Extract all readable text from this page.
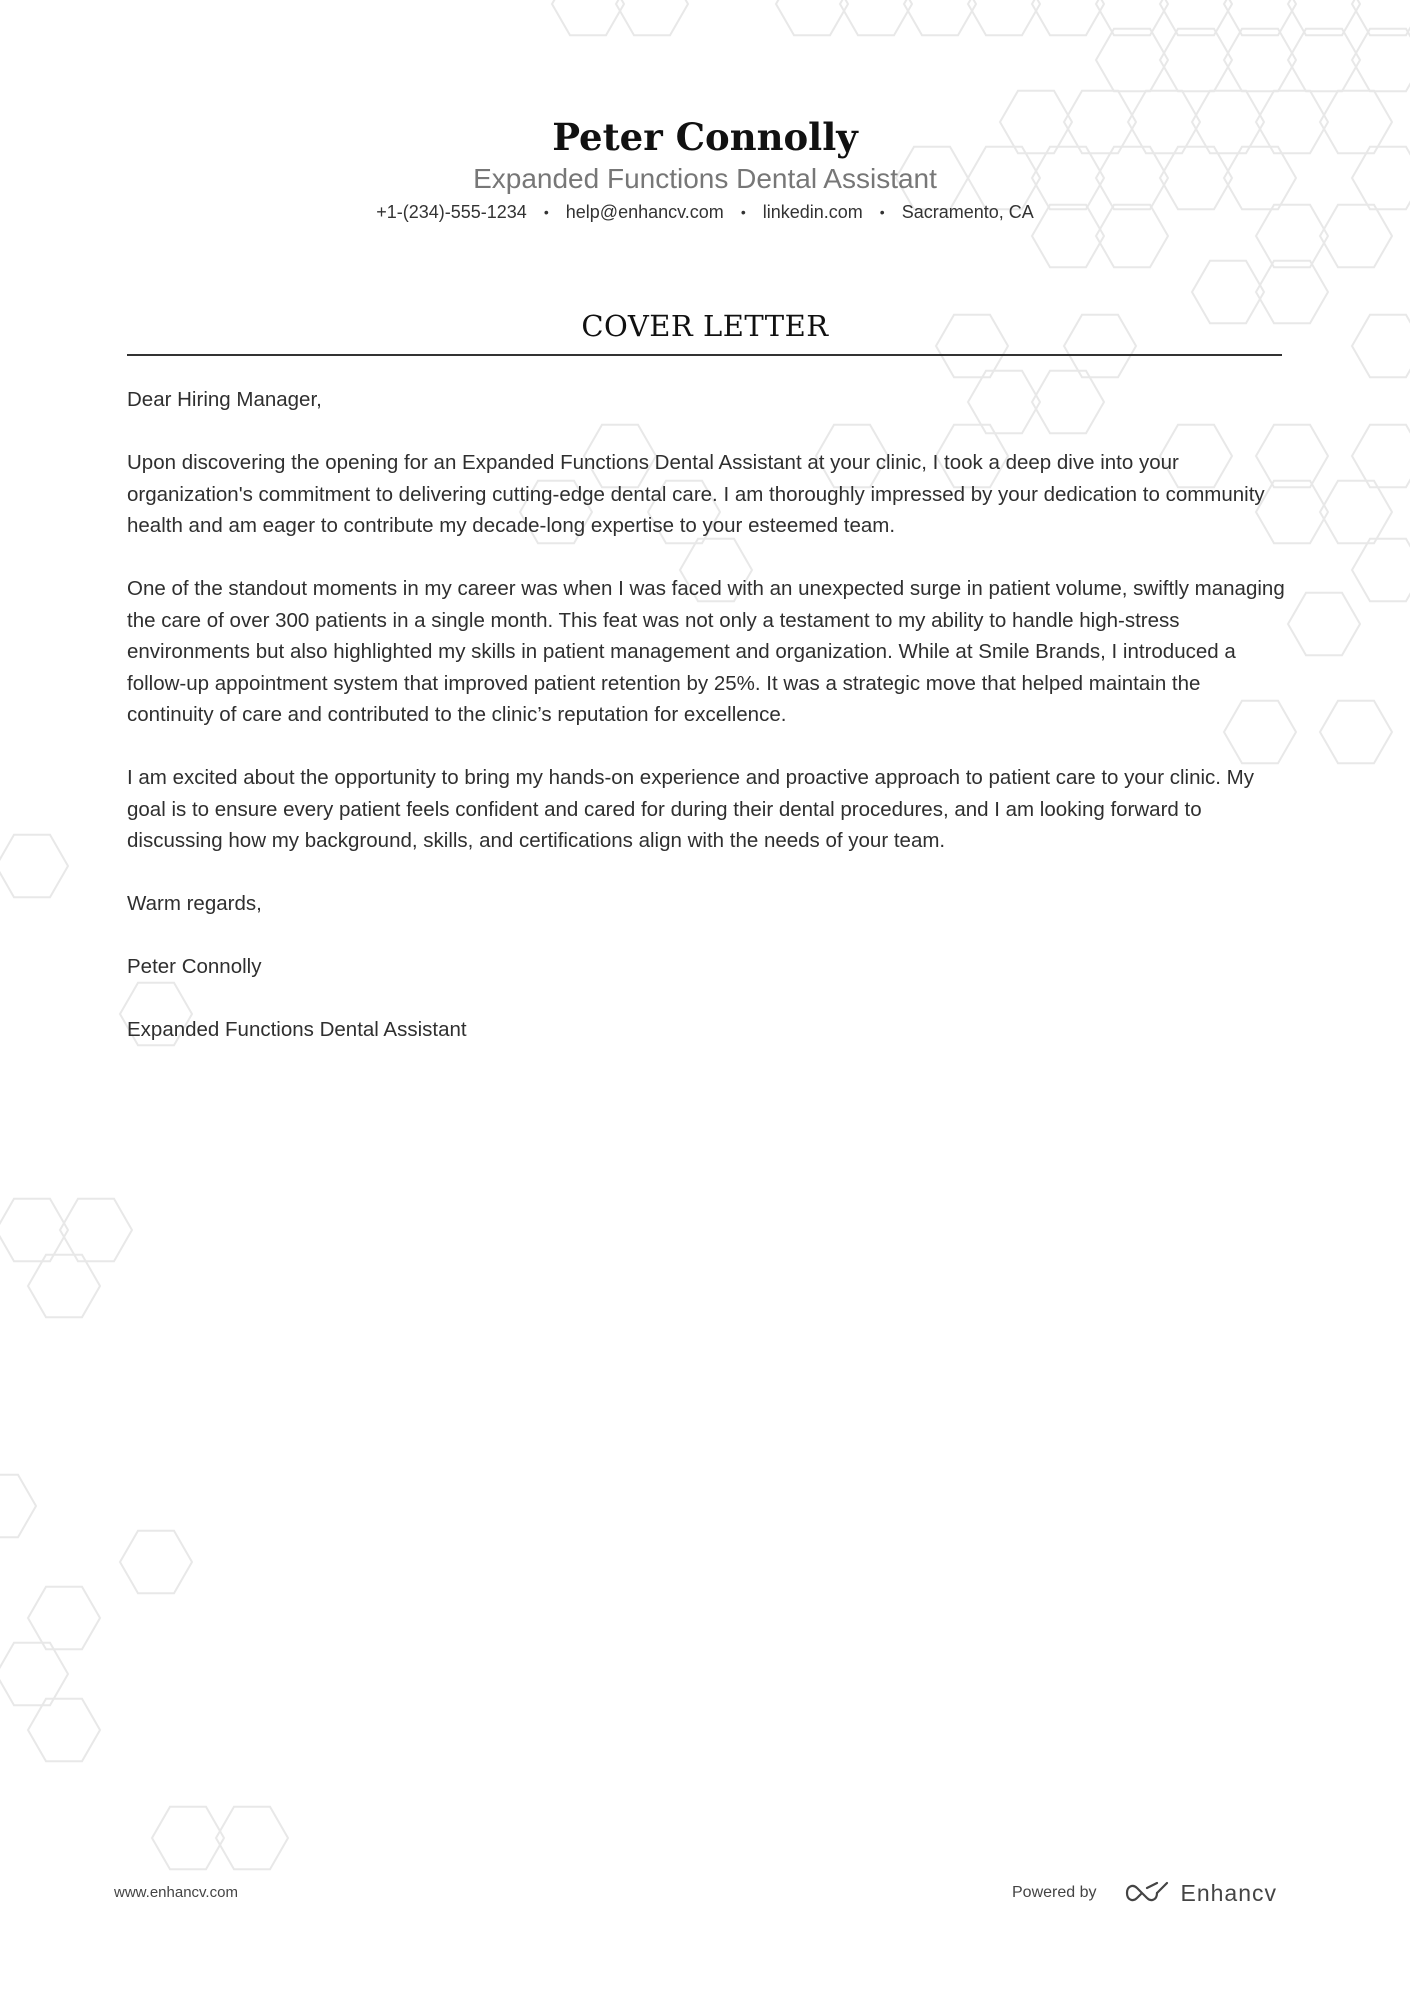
Peter Connolly
Expanded Functions Dental Assistant
+1-(234)-555-1234 • help@enhancv.com • linkedin.com • Sacramento, CA
COVER LETTER

Dear Hiring Manager,

Upon discovering the opening for an Expanded Functions Dental Assistant at your clinic, I took a deep dive into your organization's commitment to delivering cutting-edge dental care. I am thoroughly impressed by your dedication to community health and am eager to contribute my decade-long expertise to your esteemed team.

One of the standout moments in my career was when I was faced with an unexpected surge in patient volume, swiftly managing the care of over 300 patients in a single month. This feat was not only a testament to my ability to handle high-stress environments but also highlighted my skills in patient management and organization. While at Smile Brands, I introduced a follow-up appointment system that improved patient retention by 25%. It was a strategic move that helped maintain the continuity of care and contributed to the clinic’s reputation for excellence.

I am excited about the opportunity to bring my hands-on experience and proactive approach to patient care to your clinic. My goal is to ensure every patient feels confident and cared for during their dental procedures, and I am looking forward to discussing how my background, skills, and certifications align with the needs of your team.

Warm regards,

Peter Connolly

Expanded Functions Dental Assistant

www.enhancv.com	Powered by	Enhancv
